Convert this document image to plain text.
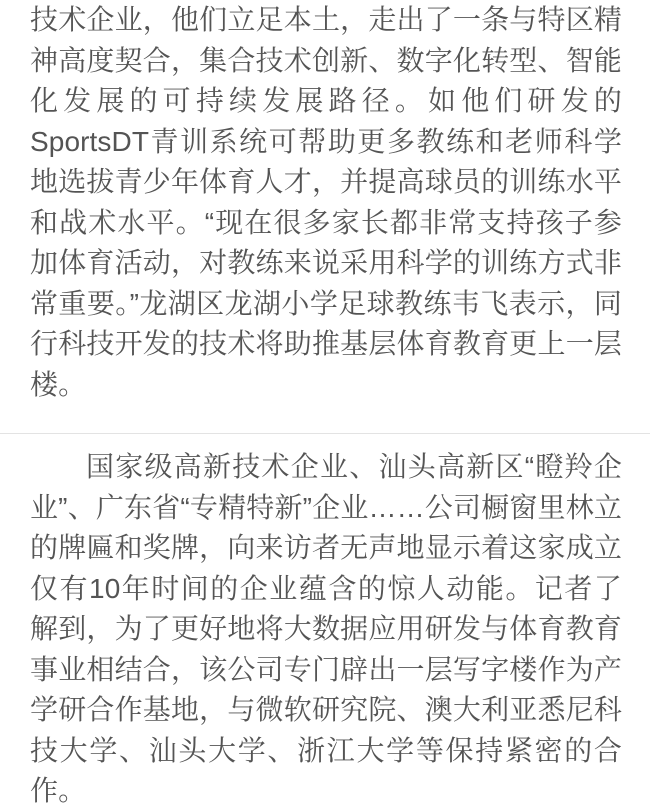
技术企业，他们立足本土，走出了一条与特区精神高度契合，集合技术创新、数字化转型、智能化发展的可持续发展路径。如他们研发的SportsDT青训系统可帮助更多教练和老师科学地选拔青少年体育人才，并提高球员的训练水平和战术水平。“现在很多家长都非常支持孩子参加体育活动，对教练来说采用科学的训练方式非常重要。”龙湖区龙湖小学足球教练韦飞表示，同行科技开发的技术将助推基层体育教育更上一层楼。

国家级高新技术企业、汕头高新区“瞪羚企业”、广东省“专精特新”企业……公司橱窗里林立的牌匾和奖牌，向来访者无声地显示着这家成立仅有10年时间的企业蕴含的惊人动能。记者了解到，为了更好地将大数据应用研发与体育教育事业相结合，该公司专门辟出一层写字楼作为产学研合作基地，与微软研究院、澳大利亚悉尼科技大学、汕头大学、浙江大学等保持紧密的合作。
